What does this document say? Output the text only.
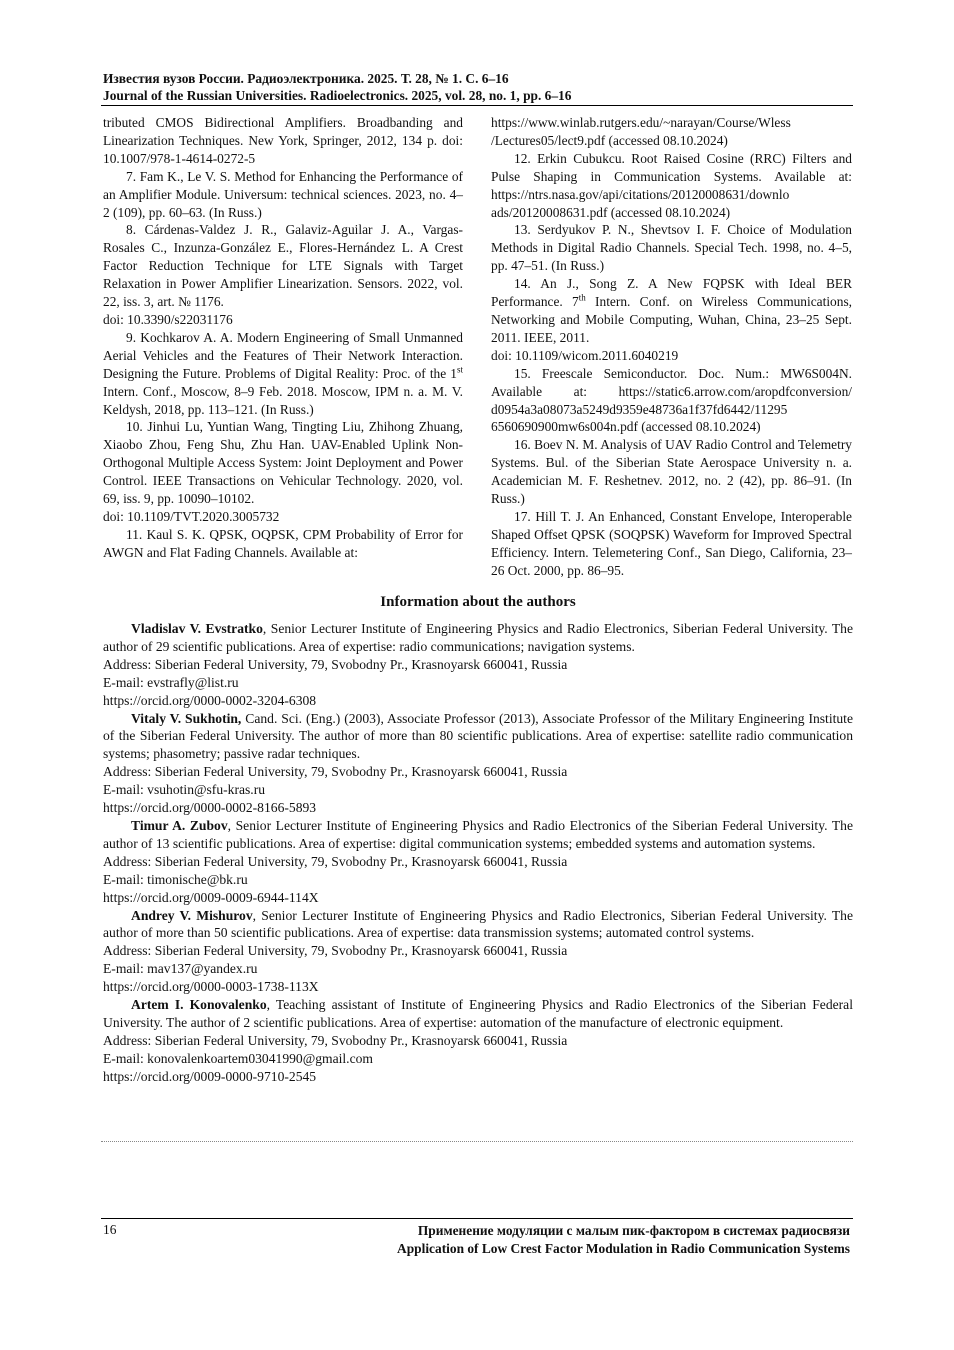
Известия вузов России. Радиоэлектроника. 2025. Т. 28, № 1. С. 6–16
Journal of the Russian Universities. Radioelectronics. 2025, vol. 28, no. 1, pp. 6–16

tributed CMOS Bidirectional Amplifiers. Broadbanding and Linearization Techniques. New York, Springer, 2012, 134 p. doi: 10.1007/978-1-4614-0272-5

7. Fam K., Le V. S. Method for Enhancing the Performance of an Amplifier Module. Universum: technical sciences. 2023, no. 4–2 (109), pp. 60–63. (In Russ.)

8. Cárdenas-Valdez J. R., Galaviz-Aguilar J. A., Vargas-Rosales C., Inzunza-González E., Flores-Hernández L. A Crest Factor Reduction Technique for LTE Signals with Target Relaxation in Power Amplifier Linearization. Sensors. 2022, vol. 22, iss. 3, art. № 1176.

doi: 10.3390/s22031176

9. Kochkarov A. A. Modern Engineering of Small Unmanned Aerial Vehicles and the Features of Their Network Interaction. Designing the Future. Problems of Digital Reality: Proc. of the 1st Intern. Conf., Moscow, 8–9 Feb. 2018. Moscow, IPM n. a. M. V. Keldysh, 2018, pp. 113–121. (In Russ.)

10. Jinhui Lu, Yuntian Wang, Tingting Liu, Zhihong Zhuang, Xiaobo Zhou, Feng Shu, Zhu Han. UAV-Enabled Uplink Non-Orthogonal Multiple Access System: Joint Deployment and Power Control. IEEE Transactions on Vehicular Technology. 2020, vol. 69, iss. 9, pp. 10090–10102.

doi: 10.1109/TVT.2020.3005732

11. Kaul S. K. QPSK, OQPSK, CPM Probability of Error for AWGN and Flat Fading Channels. Available at:

https://www.winlab.rutgers.edu/~narayan/Course/Wless /Lectures05/lect9.pdf (accessed 08.10.2024)

12. Erkin Cubukcu. Root Raised Cosine (RRC) Filters and Pulse Shaping in Communication Systems. Available at: https://ntrs.nasa.gov/api/citations/20120008631/downlo ads/20120008631.pdf (accessed 08.10.2024)

13. Serdyukov P. N., Shevtsov I. F. Choice of Modulation Methods in Digital Radio Channels. Special Tech. 1998, no. 4–5, pp. 47–51. (In Russ.)

14. An J., Song Z. A New FQPSK with Ideal BER Performance. 7th Intern. Conf. on Wireless Communications, Networking and Mobile Computing, Wuhan, China, 23–25 Sept. 2011. IEEE, 2011.

doi: 10.1109/wicom.2011.6040219

15. Freescale Semiconductor. Doc. Num.: MW6S004N. Available at: https://static6.arrow.com/aropdfconversion/ d0954a3a08073a5249d9359e48736a1f37fd6442/11295 6560690900mw6s004n.pdf (accessed 08.10.2024)

16. Boev N. M. Analysis of UAV Radio Control and Telemetry Systems. Bul. of the Siberian State Aerospace University n. a. Academician M. F. Reshetnev. 2012, no. 2 (42), pp. 86–91. (In Russ.)

17. Hill T. J. An Enhanced, Constant Envelope, Interoperable Shaped Offset QPSK (SOQPSK) Waveform for Improved Spectral Efficiency. Intern. Telemetering Conf., San Diego, California, 23–26 Oct. 2000, pp. 86–95.

Information about the authors

Vladislav V. Evstratko, Senior Lecturer Institute of Engineering Physics and Radio Electronics, Siberian Federal University. The author of 29 scientific publications. Area of expertise: radio communications; navigation systems.

Address: Siberian Federal University, 79, Svobodny Pr., Krasnoyarsk 660041, Russia

E-mail: evstrafly@list.ru

https://orcid.org/0000-0002-3204-6308

Vitaly V. Sukhotin, Cand. Sci. (Eng.) (2003), Associate Professor (2013), Associate Professor of the Military Engineering Institute of the Siberian Federal University. The author of more than 80 scientific publications. Area of expertise: satellite radio communication systems; phasometry; passive radar techniques.

Address: Siberian Federal University, 79, Svobodny Pr., Krasnoyarsk 660041, Russia

E-mail: vsuhotin@sfu-kras.ru

https://orcid.org/0000-0002-8166-5893

Timur A. Zubov, Senior Lecturer Institute of Engineering Physics and Radio Electronics of the Siberian Federal University. The author of 13 scientific publications. Area of expertise: digital communication systems; embedded systems and automation systems.

Address: Siberian Federal University, 79, Svobodny Pr., Krasnoyarsk 660041, Russia

E-mail: timonische@bk.ru

https://orcid.org/0009-0009-6944-114X

Andrey V. Mishurov, Senior Lecturer Institute of Engineering Physics and Radio Electronics, Siberian Federal University. The author of more than 50 scientific publications. Area of expertise: data transmission systems; automated control systems.

Address: Siberian Federal University, 79, Svobodny Pr., Krasnoyarsk 660041, Russia

E-mail: mav137@yandex.ru

https://orcid.org/0000-0003-1738-113X

Artem I. Konovalenko, Teaching assistant of Institute of Engineering Physics and Radio Electronics of the Siberian Federal University. The author of 2 scientific publications. Area of expertise: automation of the manufacture of electronic equipment.

Address: Siberian Federal University, 79, Svobodny Pr., Krasnoyarsk 660041, Russia

E-mail: konovalenkoartem03041990@gmail.com

https://orcid.org/0009-0000-9710-2545

16	Применение модуляции с малым пик-фактором в системах радиосвязи
Application of Low Crest Factor Modulation in Radio Communication Systems
